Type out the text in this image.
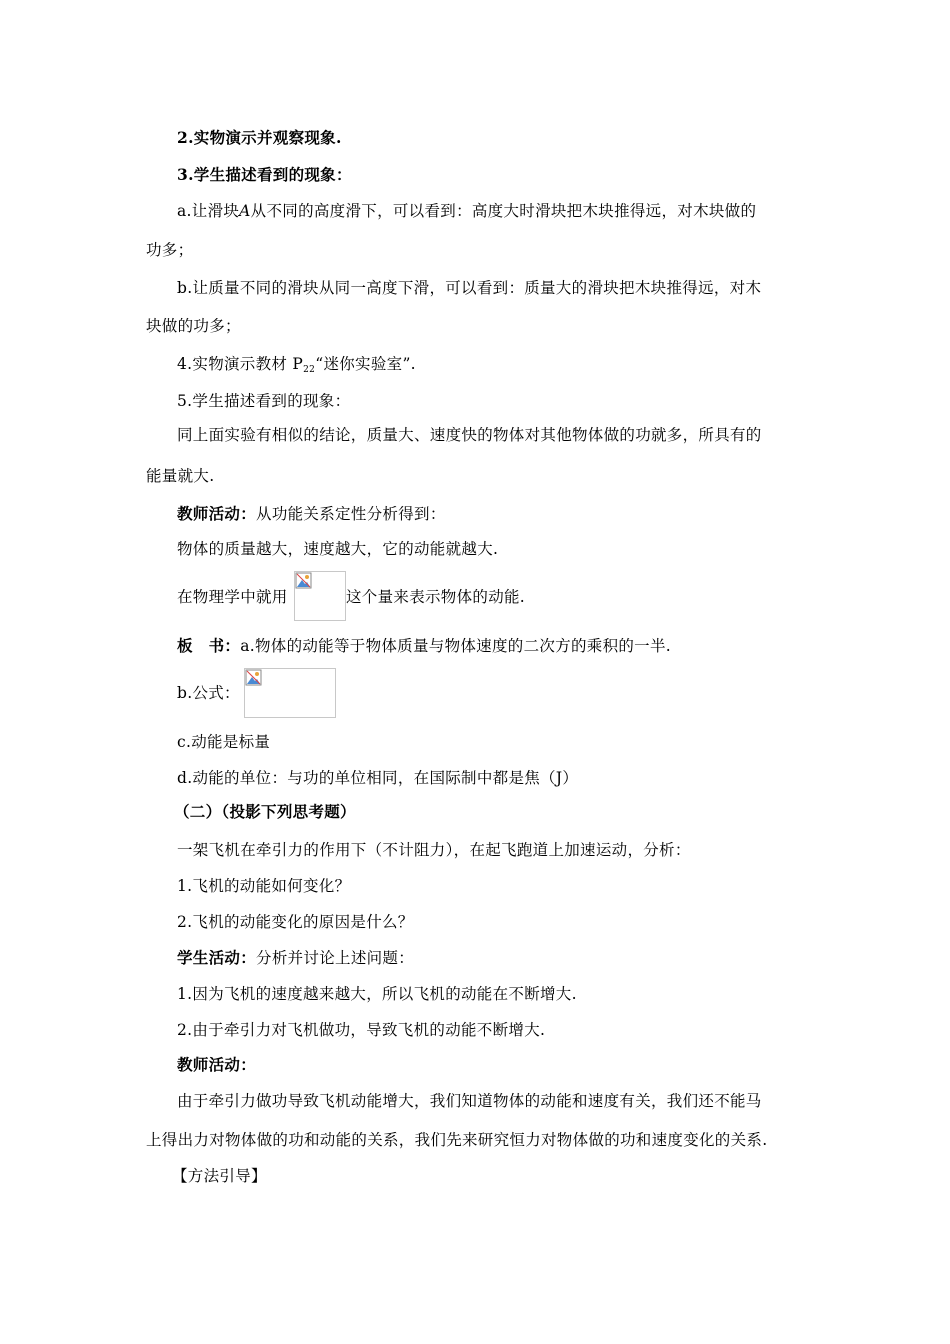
2.实物演示并观察现象.
3.学生描述看到的现象：
a.让滑块A从不同的高度滑下，可以看到：高度大时滑块把木块推得远，对木块做的
功多；
b.让质量不同的滑块从同一高度下滑，可以看到：质量大的滑块把木块推得远，对木
块做的功多；
4.实物演示教材 $P_{22}“$迷你实验室”.
5.学生描述看到的现象：
同上面实验有相似的结论，质量大、速度快的物体对其他物体做的功就多，所具有的
能量就大.
教师活动：从功能关系定性分析得到：
物体的质量越大，速度越大，它的动能就越大.
在物理学中就用	这个量来表示物体的动能.
板　书：a.物体的动能等于物体质量与物体速度的二次方的乘积的一半.
b.公式：
c.动能是标量
d.动能的单位：与功的单位相同，在国际制中都是焦（J）
（二）（投影下列思考题）
一架飞机在牵引力的作用下（不计阻力），在起飞跑道上加速运动，分析：
1.飞机的动能如何变化？
2.飞机的动能变化的原因是什么？
学生活动：分析并讨论上述问题：
1.因为飞机的速度越来越大，所以飞机的动能在不断增大.
2.由于牵引力对飞机做功，导致飞机的动能不断增大.
教师活动：
由于牵引力做功导致飞机动能增大，我们知道物体的动能和速度有关，我们还不能马
上得出力对物体做的功和动能的关系，我们先来研究恒力对物体做的功和速度变化的关系.
【方法引导】
